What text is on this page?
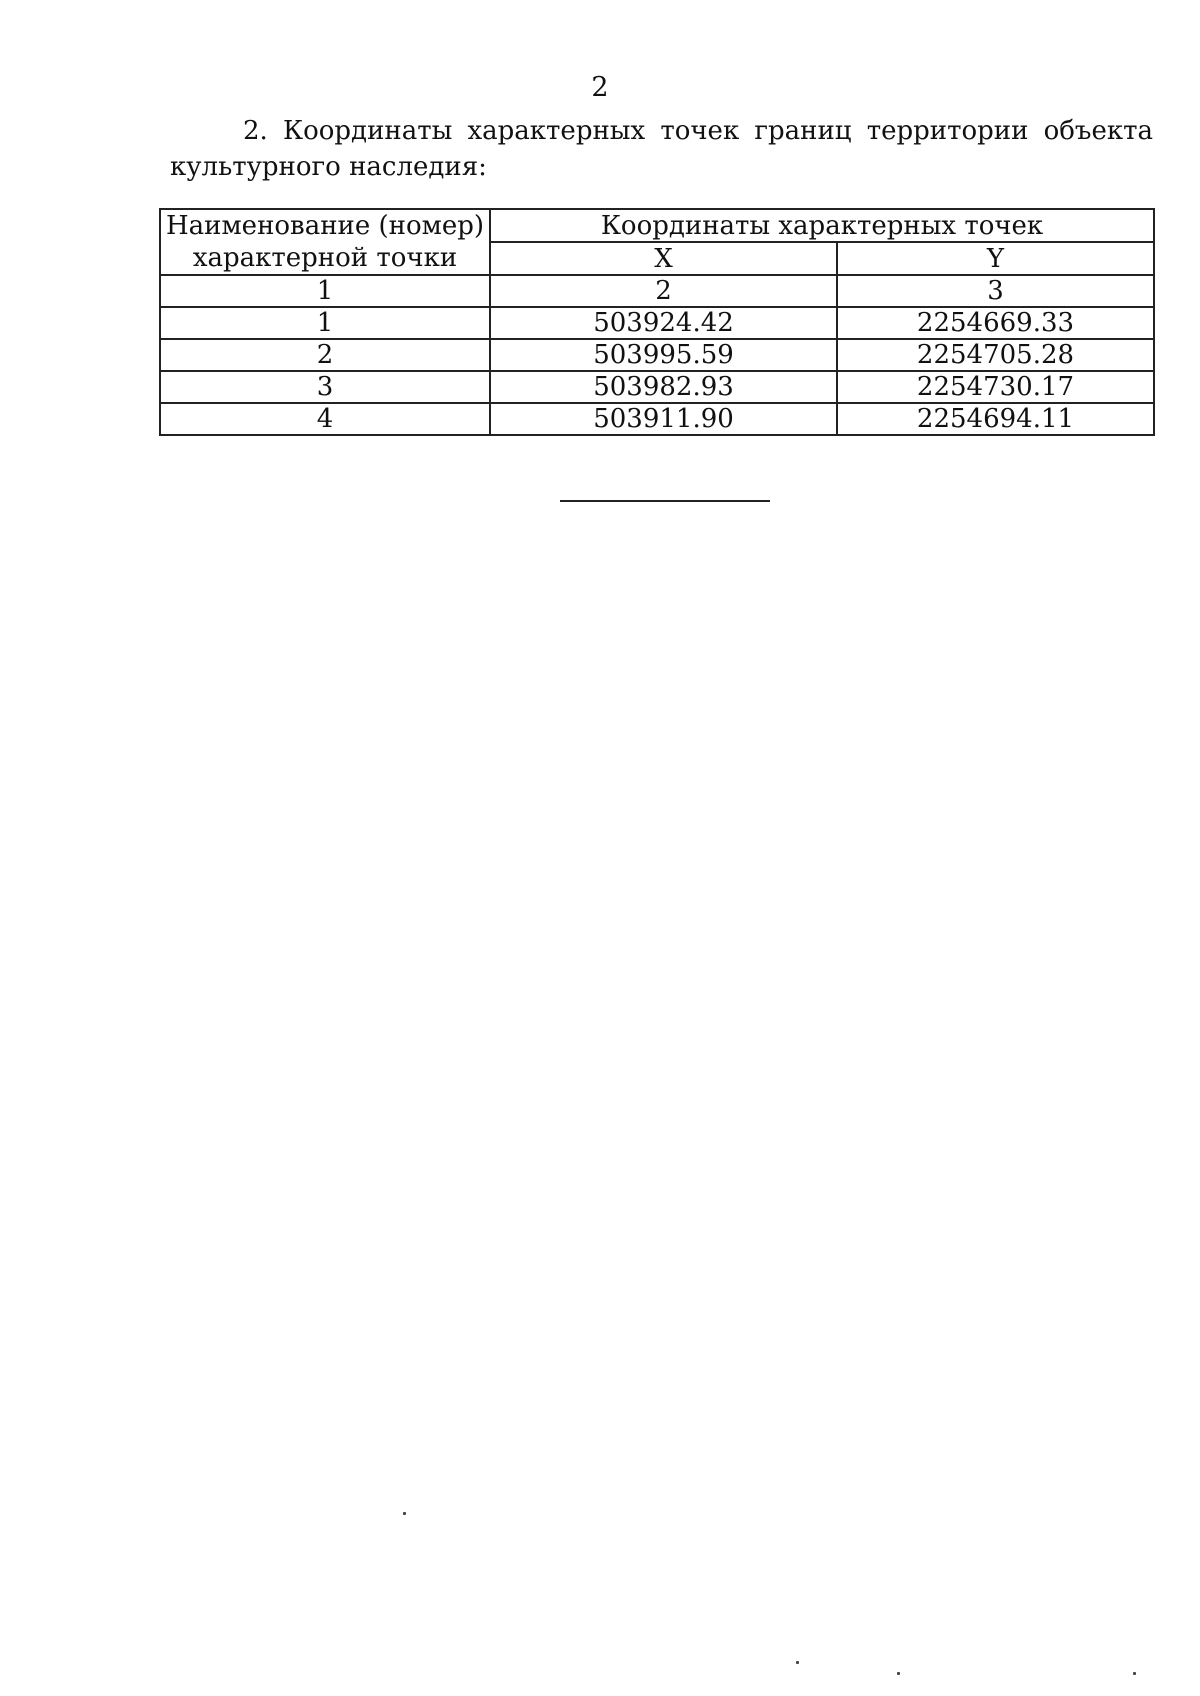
2
2. Координаты характерных точек границ территории объекта
культурного наследия:
Наименование (номер) характерной точки	Координаты характерных точек	
	X	Y
1	2	3
1	503924.42	2254669.33
2	503995.59	2254705.28
3	503982.93	2254730.17
4	503911.90	2254694.11
